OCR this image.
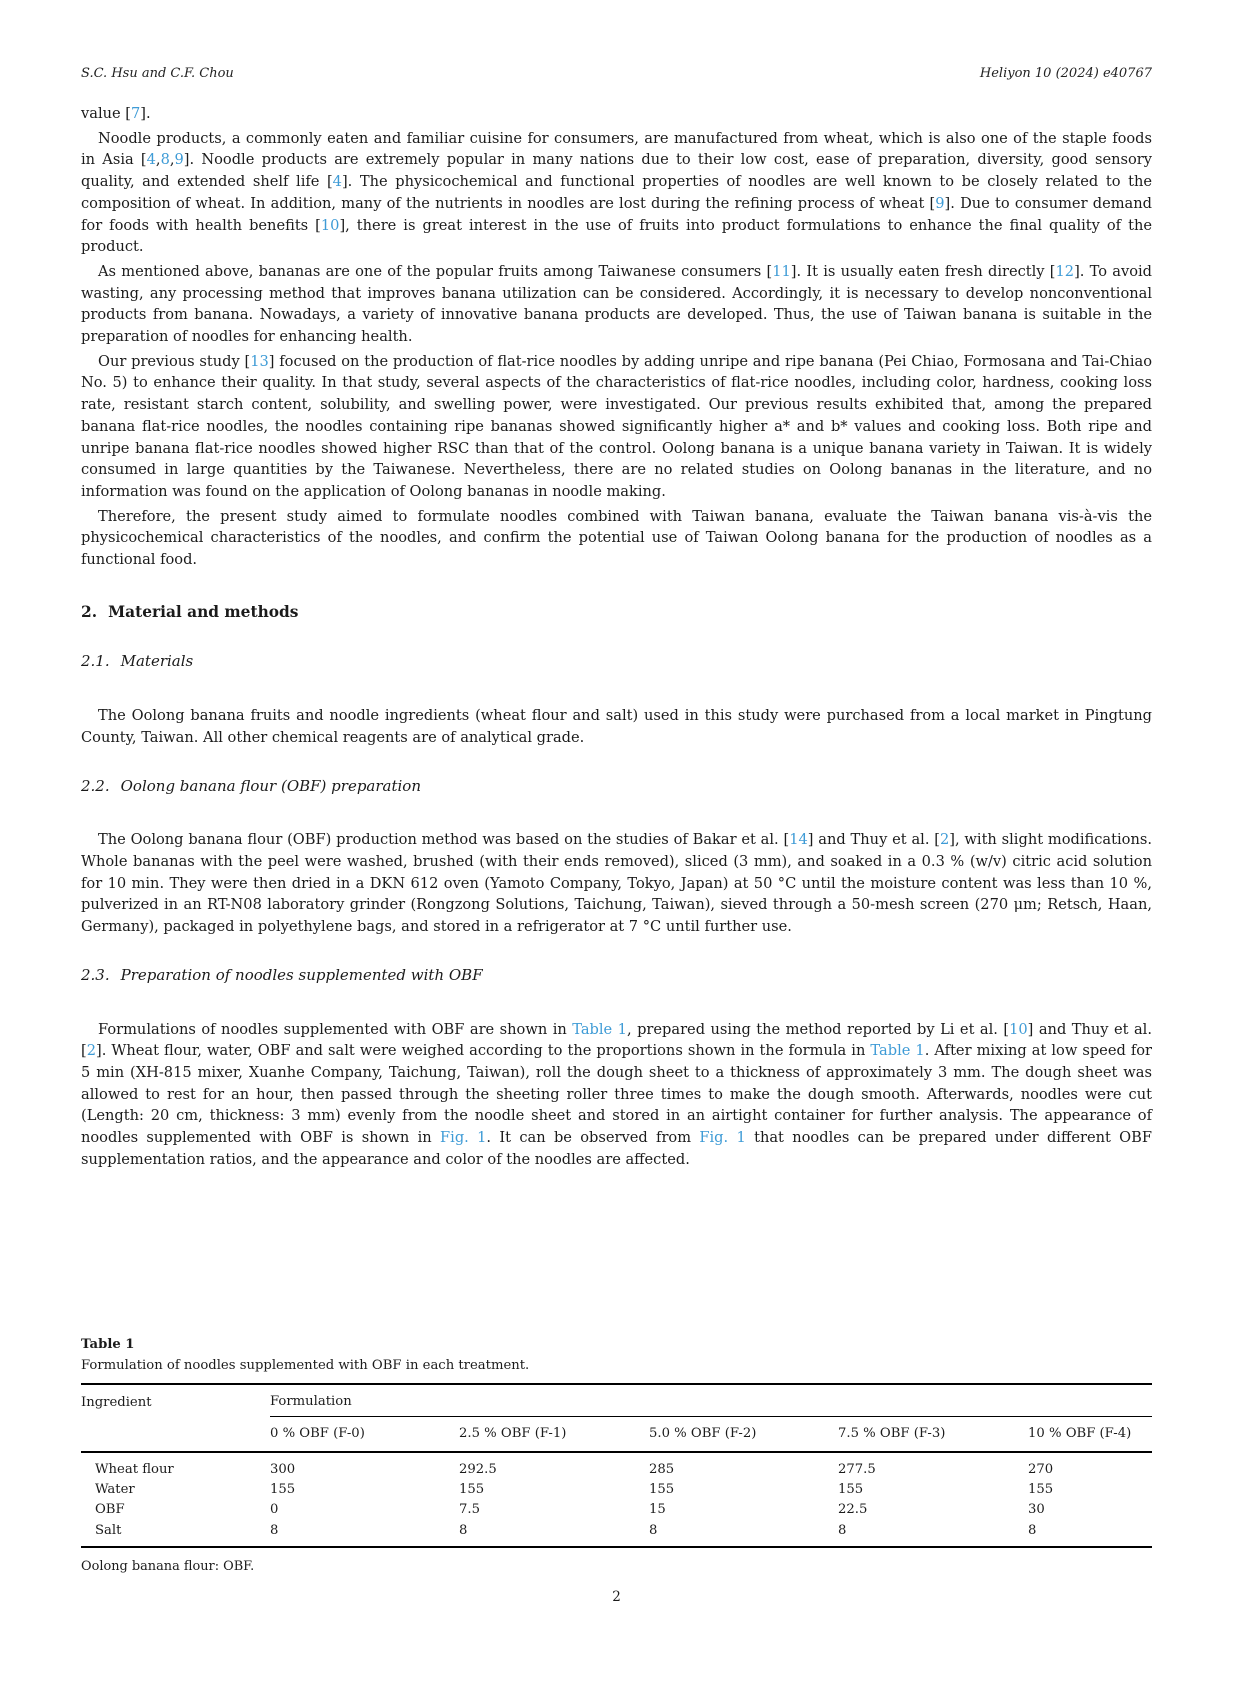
S.C. Hsu and C.F. Chou	Heliyon 10 (2024) e40767

value [7].

Noodle products, a commonly eaten and familiar cuisine for consumers, are manufactured from wheat, which is also one of the staple foods in Asia [4,8,9]. Noodle products are extremely popular in many nations due to their low cost, ease of preparation, diversity, good sensory quality, and extended shelf life [4]. The physicochemical and functional properties of noodles are well known to be closely related to the composition of wheat. In addition, many of the nutrients in noodles are lost during the refining process of wheat [9]. Due to consumer demand for foods with health benefits [10], there is great interest in the use of fruits into product formulations to enhance the final quality of the product.

As mentioned above, bananas are one of the popular fruits among Taiwanese consumers [11]. It is usually eaten fresh directly [12]. To avoid wasting, any processing method that improves banana utilization can be considered. Accordingly, it is necessary to develop nonconventional products from banana. Nowadays, a variety of innovative banana products are developed. Thus, the use of Taiwan banana is suitable in the preparation of noodles for enhancing health.

Our previous study [13] focused on the production of flat-rice noodles by adding unripe and ripe banana (Pei Chiao, Formosana and Tai-Chiao No. 5) to enhance their quality. In that study, several aspects of the characteristics of flat-rice noodles, including color, hardness, cooking loss rate, resistant starch content, solubility, and swelling power, were investigated. Our previous results exhibited that, among the prepared banana flat-rice noodles, the noodles containing ripe bananas showed significantly higher a* and b* values and cooking loss. Both ripe and unripe banana flat-rice noodles showed higher RSC than that of the control. Oolong banana is a unique banana variety in Taiwan. It is widely consumed in large quantities by the Taiwanese. Nevertheless, there are no related studies on Oolong bananas in the literature, and no information was found on the application of Oolong bananas in noodle making.

Therefore, the present study aimed to formulate noodles combined with Taiwan banana, evaluate the Taiwan banana vis-à-vis the physicochemical characteristics of the noodles, and confirm the potential use of Taiwan Oolong banana for the production of noodles as a functional food.

2. Material and methods
2.1. Materials

The Oolong banana fruits and noodle ingredients (wheat flour and salt) used in this study were purchased from a local market in Pingtung County, Taiwan. All other chemical reagents are of analytical grade.

2.2. Oolong banana flour (OBF) preparation

The Oolong banana flour (OBF) production method was based on the studies of Bakar et al. [14] and Thuy et al. [2], with slight modifications. Whole bananas with the peel were washed, brushed (with their ends removed), sliced (3 mm), and soaked in a 0.3 % (w/v) citric acid solution for 10 min. They were then dried in a DKN 612 oven (Yamoto Company, Tokyo, Japan) at 50 °C until the moisture content was less than 10 %, pulverized in an RT-N08 laboratory grinder (Rongzong Solutions, Taichung, Taiwan), sieved through a 50-mesh screen (270 μm; Retsch, Haan, Germany), packaged in polyethylene bags, and stored in a refrigerator at 7 °C until further use.

2.3. Preparation of noodles supplemented with OBF

Formulations of noodles supplemented with OBF are shown in Table 1, prepared using the method reported by Li et al. [10] and Thuy et al. [2]. Wheat flour, water, OBF and salt were weighed according to the proportions shown in the formula in Table 1. After mixing at low speed for 5 min (XH-815 mixer, Xuanhe Company, Taichung, Taiwan), roll the dough sheet to a thickness of approximately 3 mm. The dough sheet was allowed to rest for an hour, then passed through the sheeting roller three times to make the dough smooth. Afterwards, noodles were cut (Length: 20 cm, thickness: 3 mm) evenly from the noodle sheet and stored in an airtight container for further analysis. The appearance of noodles supplemented with OBF is shown in Fig. 1. It can be observed from Fig. 1 that noodles can be prepared under different OBF supplementation ratios, and the appearance and color of the noodles are affected.

Table 1
Formulation of noodles supplemented with OBF in each treatment.
Ingredient	Formulation				
	0 % OBF (F-0)	2.5 % OBF (F-1)	5.0 % OBF (F-2)	7.5 % OBF (F-3)	10 % OBF (F-4)
Wheat flour	300	292.5	285	277.5	270
Water	155	155	155	155	155
OBF	0	7.5	15	22.5	30
Salt	8	8	8	8	8
Oolong banana flour: OBF.
2
